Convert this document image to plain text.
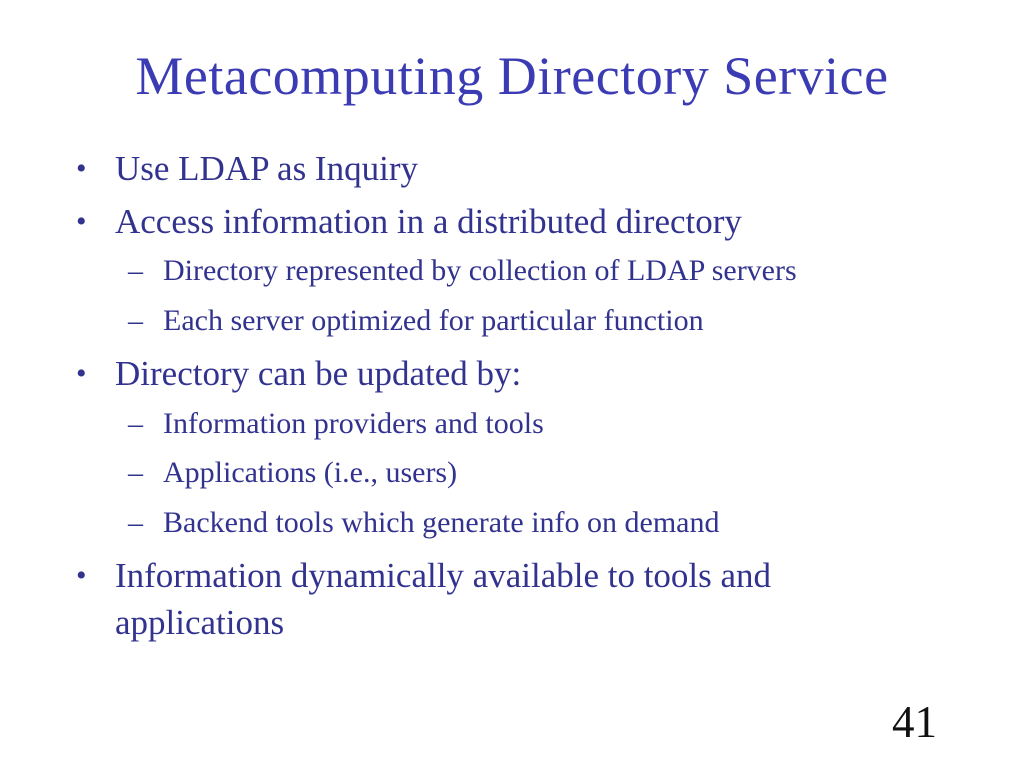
Metacomputing Directory Service
• Use LDAP as Inquiry
• Access information in a distributed directory
– Directory represented by collection of LDAP servers
– Each server optimized for particular function
• Directory can be updated by:
– Information providers and tools
– Applications (i.e., users)
– Backend tools which generate info on demand
• Information dynamically available to tools and applications
41
